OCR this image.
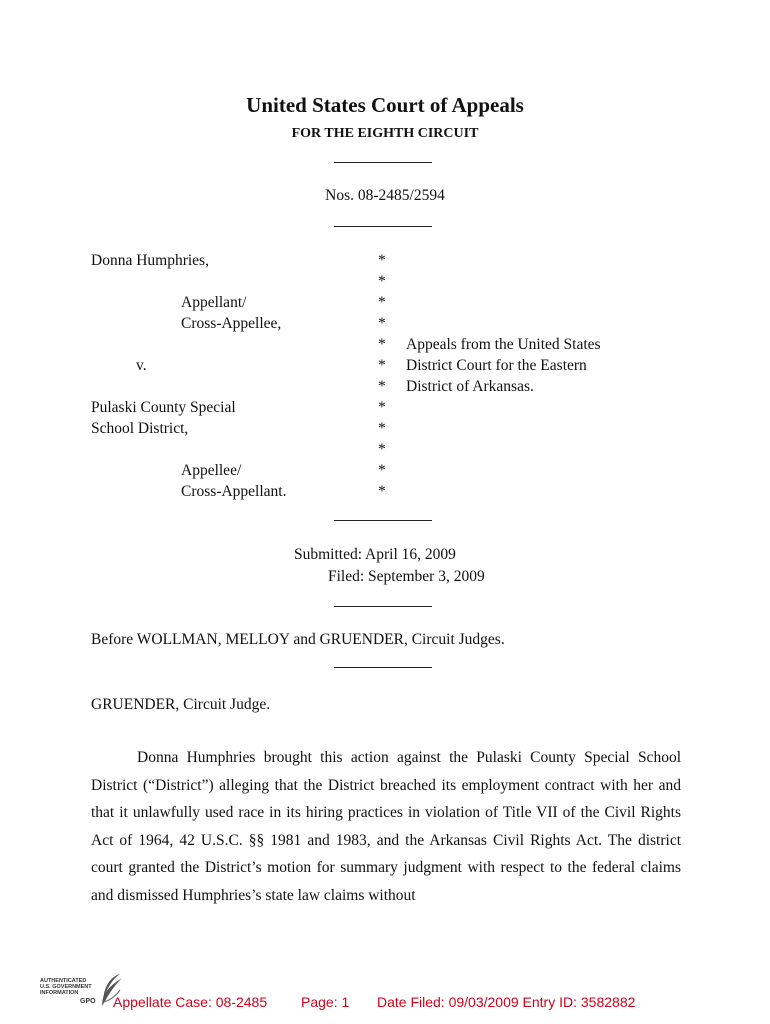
United States Court of Appeals
FOR THE EIGHTH CIRCUIT
Nos. 08-2485/2594
Donna Humphries,
Appellant/
Cross-Appellee,
v.
Pulaski County Special
School District,
Appellee/
Cross-Appellant.
*
*
*
*
*
*
*
*
*
*
*
*
Appeals from the United States
District Court for the Eastern
District of Arkansas.
Submitted: April 16, 2009
Filed: September 3, 2009
Before WOLLMAN, MELLOY and GRUENDER, Circuit Judges.
GRUENDER, Circuit Judge.

Donna Humphries brought this action against the Pulaski County Special School District (“District”) alleging that the District breached its employment contract with her and that it unlawfully used race in its hiring practices in violation of Title VII of the Civil Rights Act of 1964, 42 U.S.C. §§ 1981 and 1983, and the Arkansas Civil Rights Act. The district court granted the District’s motion for summary judgment with respect to the federal claims and dismissed Humphries’s state law claims without

AUTHENTICATED
U.S. GOVERNMENT
INFORMATION
GPO Appellate Case: 08-2485 Page: 1 Date Filed: 09/03/2009 Entry ID: 3582882
